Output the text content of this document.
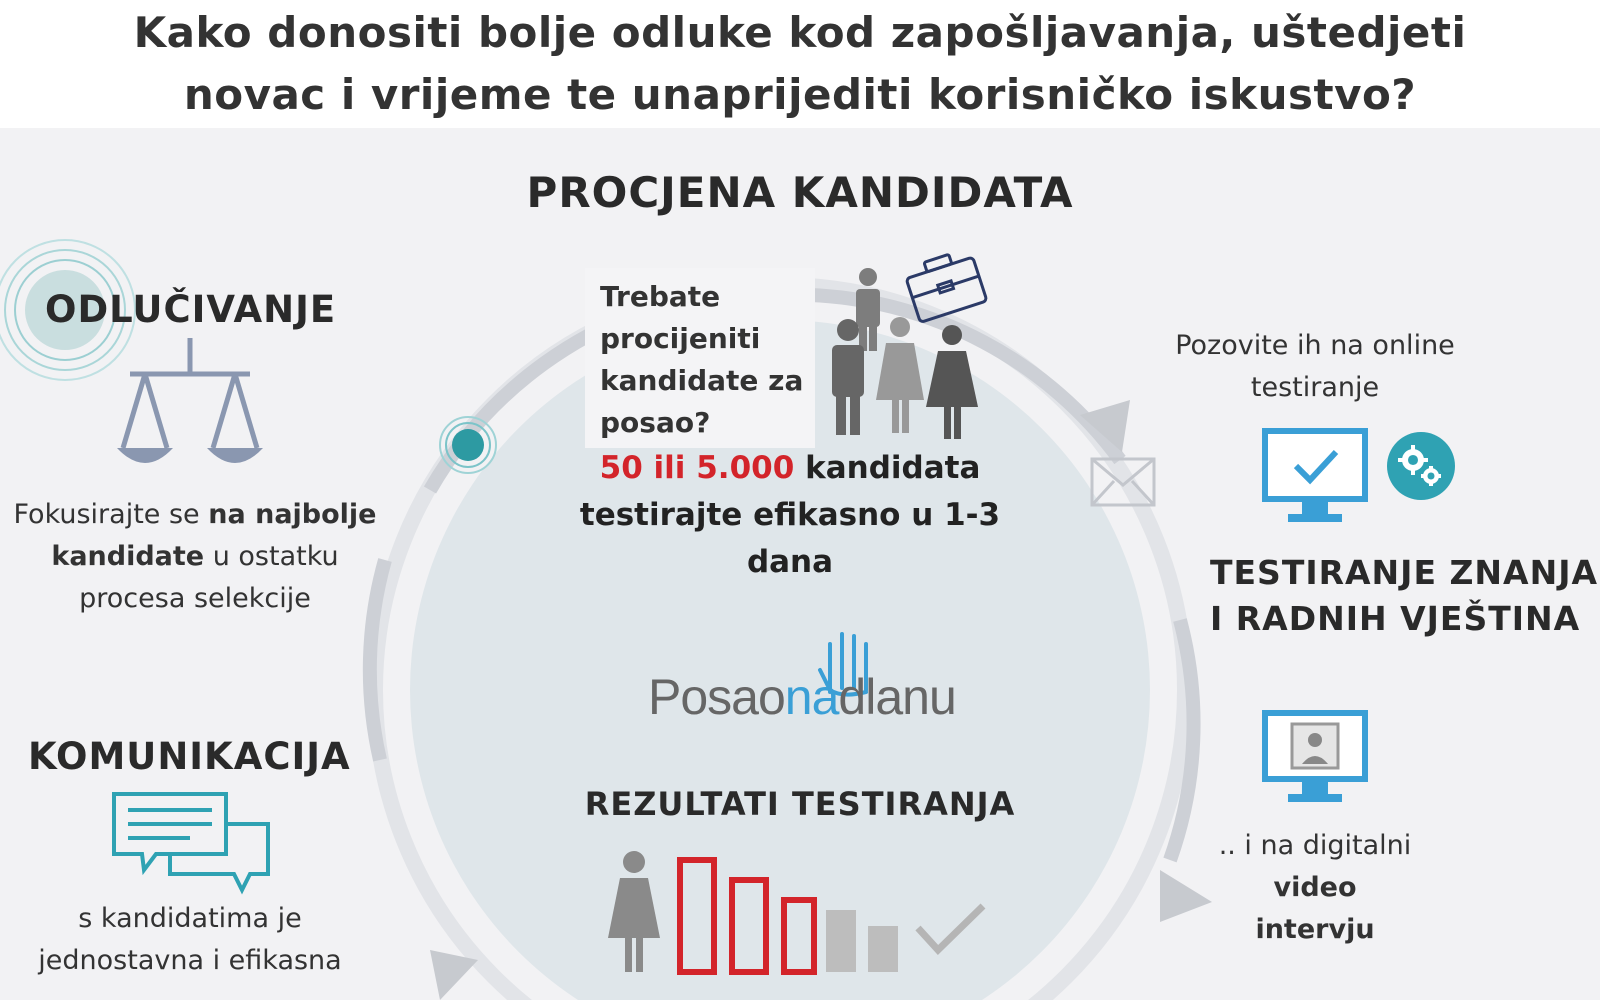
Kako donositi bolje odluke kod zapošljavanja, uštedjeti
novac i vrijeme te unaprijediti korisničko iskustvo?
PROCJENA KANDIDATA
Trebate procijeniti kandidate za posao?
50 ili 5.000 kandidata testirajte efikasno u 1-3 dana
Posaonadlanu
REZULTATI TESTIRANJA
ODLUČIVANJE
Fokusirajte se na najbolje kandidate u ostatku procesa selekcije
KOMUNIKACIJA
s kandidatima je jednostavna i efikasna
Pozovite ih na online testiranje
TESTIRANJE ZNANJA
I RADNIH VJEŠTINA
.. i na digitalni
video
intervju
